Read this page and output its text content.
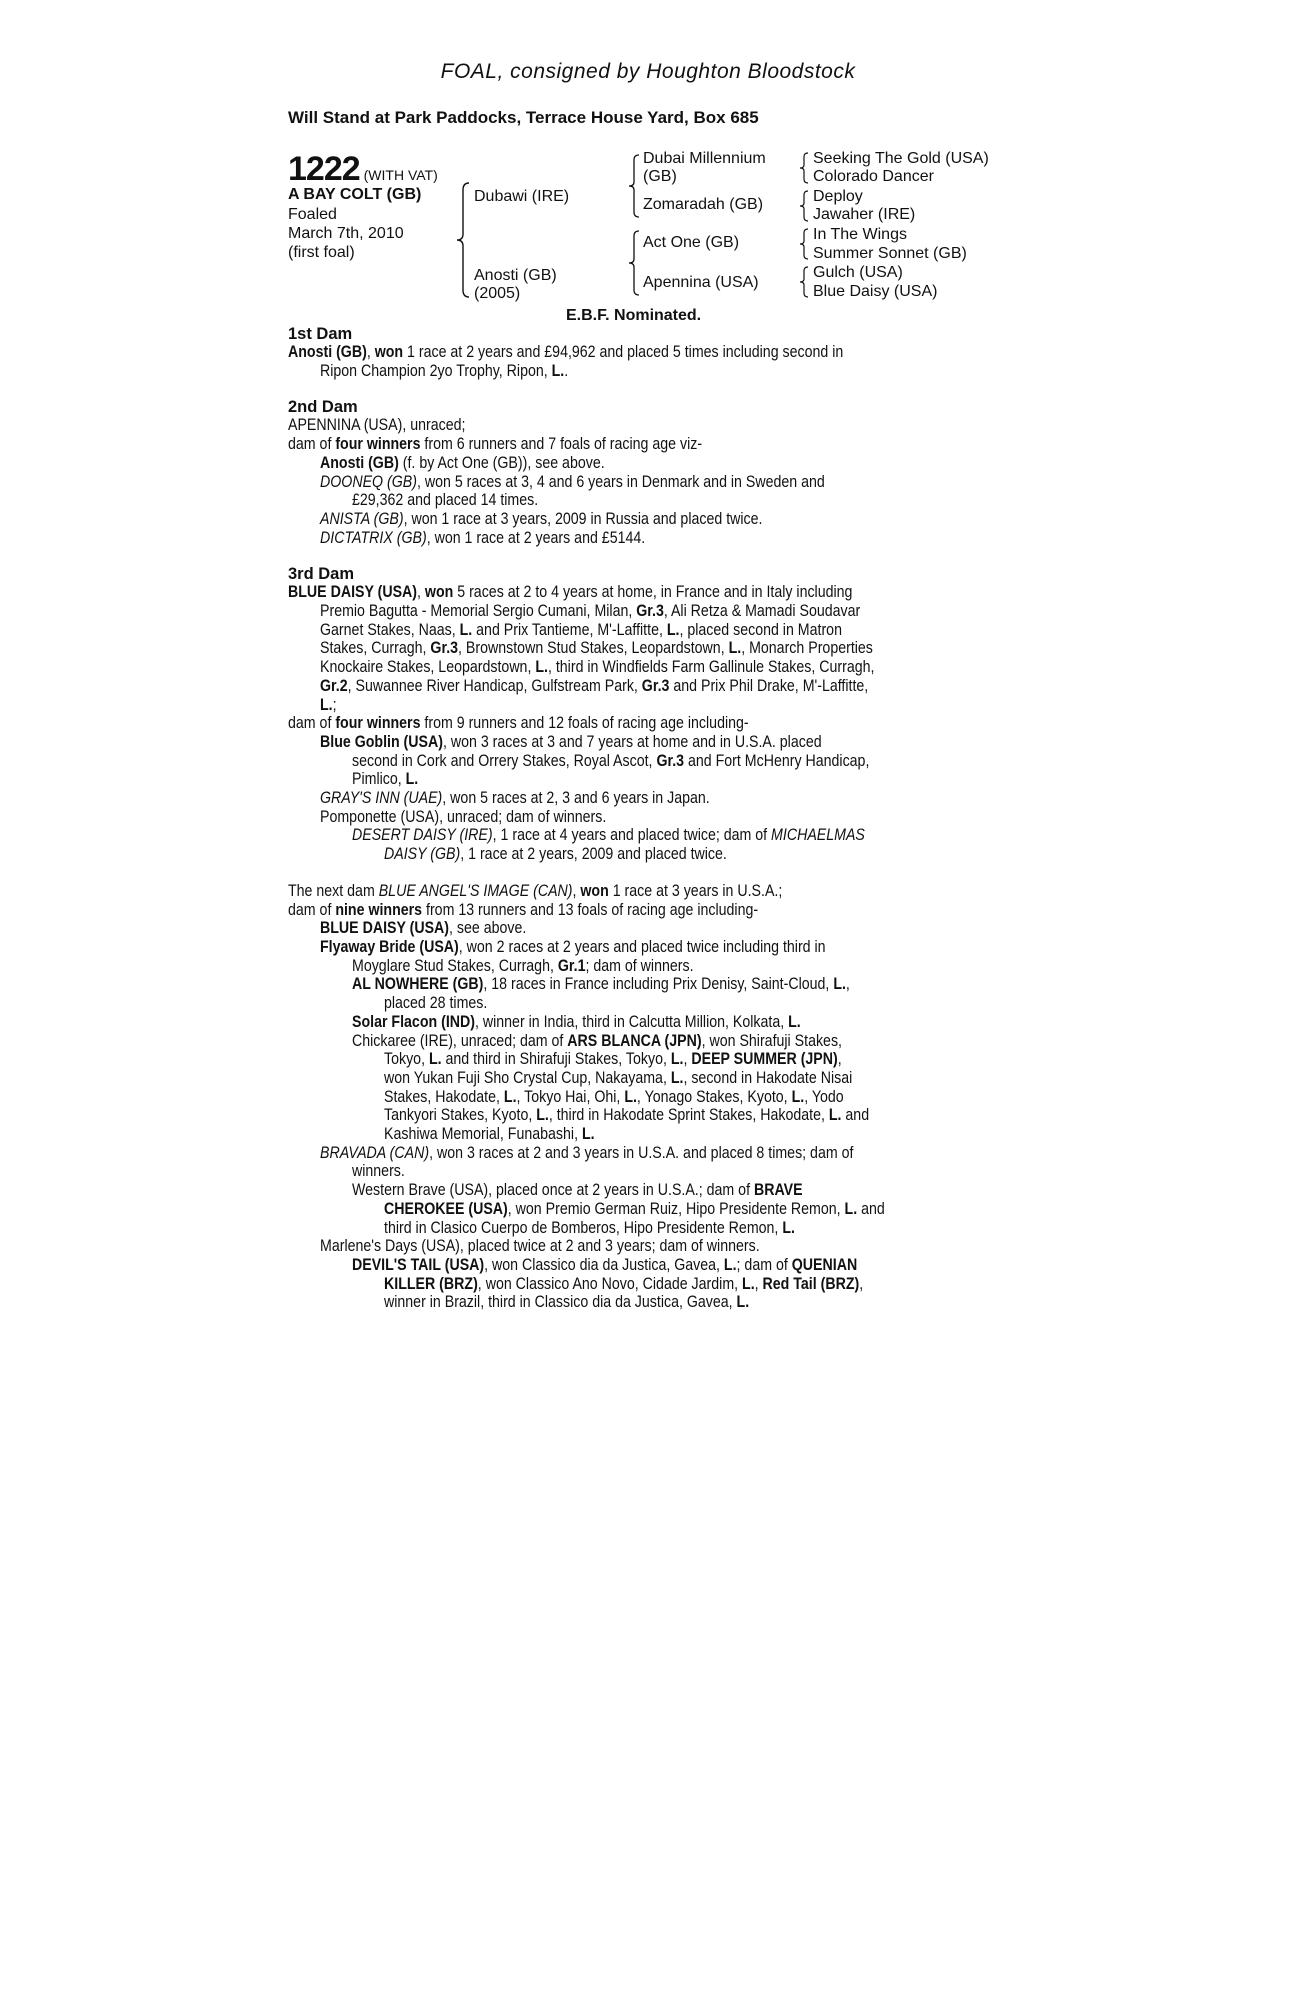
FOAL, consigned by Houghton Bloodstock
Will Stand at Park Paddocks, Terrace House Yard, Box 685
1222 (WITH VAT)
A BAY COLT (GB)
Foaled
March 7th, 2010
(first foal)
Dubawi (IRE)
Anosti (GB)
(2005)
Dubai Millennium
(GB)
Zomaradah (GB)
Act One (GB)
Apennina (USA)
Seeking The Gold (USA)
Colorado Dancer
Deploy
Jawaher (IRE)
In The Wings
Summer Sonnet (GB)
Gulch (USA)
Blue Daisy (USA)
E.B.F. Nominated.
1st Dam
Anosti (GB), won 1 race at 2 years and £94,962 and placed 5 times including second in
Ripon Champion 2yo Trophy, Ripon, L..
2nd Dam
APENNINA (USA), unraced;
dam of four winners from 6 runners and 7 foals of racing age viz-
Anosti (GB) (f. by Act One (GB)), see above.
DOONEQ (GB), won 5 races at 3, 4 and 6 years in Denmark and in Sweden and
£29,362 and placed 14 times.
ANISTA (GB), won 1 race at 3 years, 2009 in Russia and placed twice.
DICTATRIX (GB), won 1 race at 2 years and £5144.
3rd Dam
BLUE DAISY (USA), won 5 races at 2 to 4 years at home, in France and in Italy including
Premio Bagutta - Memorial Sergio Cumani, Milan, Gr.3, Ali Retza & Mamadi Soudavar
Garnet Stakes, Naas, L. and Prix Tantieme, M'-Laffitte, L., placed second in Matron
Stakes, Curragh, Gr.3, Brownstown Stud Stakes, Leopardstown, L., Monarch Properties
Knockaire Stakes, Leopardstown, L., third in Windfields Farm Gallinule Stakes, Curragh,
Gr.2, Suwannee River Handicap, Gulfstream Park, Gr.3 and Prix Phil Drake, M'-Laffitte,
L.;
dam of four winners from 9 runners and 12 foals of racing age including-
Blue Goblin (USA), won 3 races at 3 and 7 years at home and in U.S.A. placed
second in Cork and Orrery Stakes, Royal Ascot, Gr.3 and Fort McHenry Handicap,
Pimlico, L.
GRAY'S INN (UAE), won 5 races at 2, 3 and 6 years in Japan.
Pomponette (USA), unraced; dam of winners.
DESERT DAISY (IRE), 1 race at 4 years and placed twice; dam of MICHAELMAS
DAISY (GB), 1 race at 2 years, 2009 and placed twice.
The next dam BLUE ANGEL'S IMAGE (CAN), won 1 race at 3 years in U.S.A.;
dam of nine winners from 13 runners and 13 foals of racing age including-
BLUE DAISY (USA), see above.
Flyaway Bride (USA), won 2 races at 2 years and placed twice including third in
Moyglare Stud Stakes, Curragh, Gr.1; dam of winners.
AL NOWHERE (GB), 18 races in France including Prix Denisy, Saint-Cloud, L.,
placed 28 times.
Solar Flacon (IND), winner in India, third in Calcutta Million, Kolkata, L.
Chickaree (IRE), unraced; dam of ARS BLANCA (JPN), won Shirafuji Stakes,
Tokyo, L. and third in Shirafuji Stakes, Tokyo, L., DEEP SUMMER (JPN),
won Yukan Fuji Sho Crystal Cup, Nakayama, L., second in Hakodate Nisai
Stakes, Hakodate, L., Tokyo Hai, Ohi, L., Yonago Stakes, Kyoto, L., Yodo
Tankyori Stakes, Kyoto, L., third in Hakodate Sprint Stakes, Hakodate, L. and
Kashiwa Memorial, Funabashi, L.
BRAVADA (CAN), won 3 races at 2 and 3 years in U.S.A. and placed 8 times; dam of
winners.
Western Brave (USA), placed once at 2 years in U.S.A.; dam of BRAVE
CHEROKEE (USA), won Premio German Ruiz, Hipo Presidente Remon, L. and
third in Clasico Cuerpo de Bomberos, Hipo Presidente Remon, L.
Marlene's Days (USA), placed twice at 2 and 3 years; dam of winners.
DEVIL'S TAIL (USA), won Classico dia da Justica, Gavea, L.; dam of QUENIAN
KILLER (BRZ), won Classico Ano Novo, Cidade Jardim, L., Red Tail (BRZ),
winner in Brazil, third in Classico dia da Justica, Gavea, L.
